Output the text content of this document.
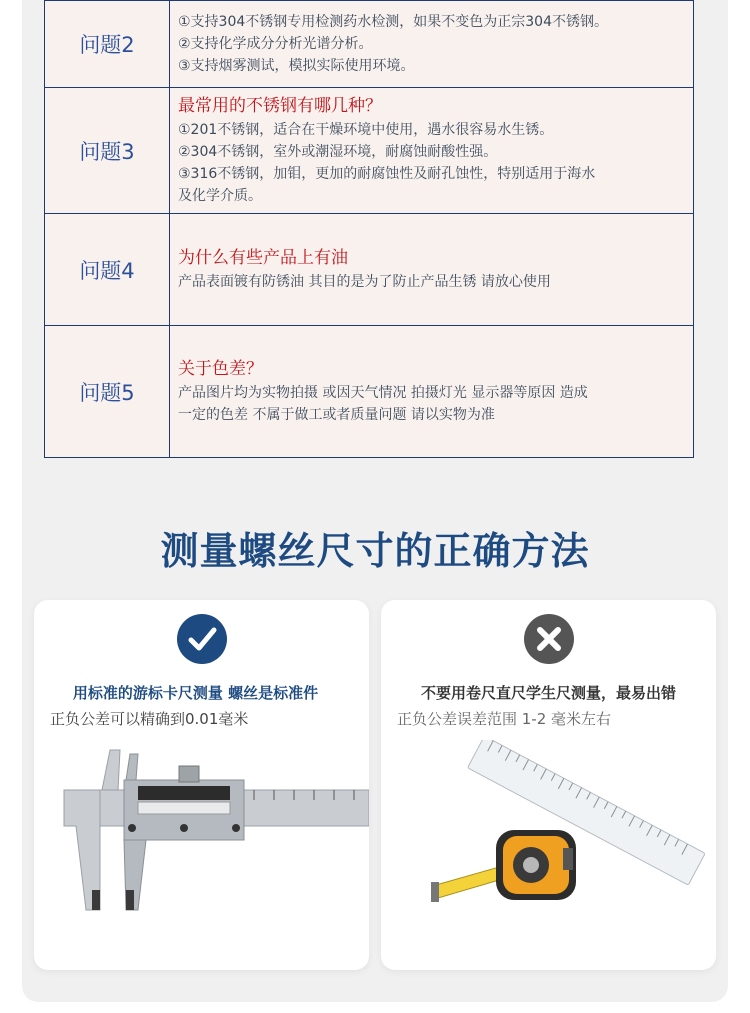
问题2	①支持304不锈钢专用检测药水检测，如果不变色为正宗304不锈钢。
②支持化学成分分析光谱分析。
③支持烟雾测试，模拟实际使用环境。

问题3	最常用的不锈钢有哪几种？
①201不锈钢，适合在干燥环境中使用，遇水很容易水生锈。
②304不锈钢，室外或潮湿环境，耐腐蚀耐酸性强。
③316不锈钢，加钼，更加的耐腐蚀性及耐孔蚀性，特别适用于海水
及化学介质。

问题4	为什么有些产品上有油
产品表面镀有防锈油 其目的是为了防止产品生锈 请放心使用

问题5	关于色差？
产品图片均为实物拍摄 或因天气情况 拍摄灯光 显示器等原因 造成
一定的色差 不属于做工或者质量问题 请以实物为准
测量螺丝尺寸的正确方法
用标准的游标卡尺测量 螺丝是标准件
正负公差可以精确到0.01毫米
不要用卷尺直尺学生尺测量，最易出错
正负公差误差范围 1-2 毫米左右
